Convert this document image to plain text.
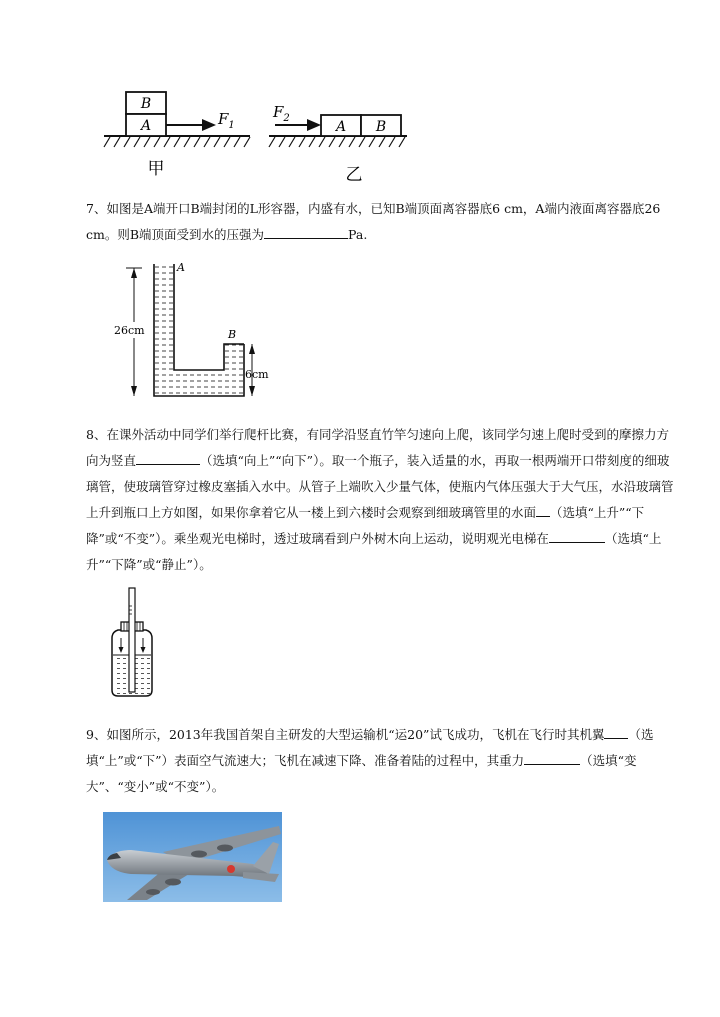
B
A	$F_1$
甲
$F_2$
A B
乙
7、如图是A端开口B端封闭的L形容器，内盛有水，已知B端顶面离容器底6 cm，A端内液面离容器底26 cm。则B端顶面受到水的压强为	Pa.
A
B
26cm
6cm
8、在课外活动中同学们举行爬杆比赛，有同学沿竖直竹竿匀速向上爬，该同学匀速上爬时受到的摩擦力方向为竖直	（选填“向上”“向下”）。取一个瓶子，装入适量的水，再取一根两端开口带刻度的细玻璃管，使玻璃管穿过橡皮塞插入水中。从管子上端吹入少量气体，使瓶内气体压强大于大气压，水沿玻璃管上升到瓶口上方如图，如果你拿着它从一楼上到六楼时会观察到细玻璃管里的水面 （选填“上升”“下降”或“不变”）。乘坐观光电梯时，透过玻璃看到户外树木向上运动，说明观光电梯在	（选填“上升”“下降”或“静止”）。
9、如图所示，2013年我国首架自主研发的大型运输机“运20”试飞成功，飞机在飞行时其机翼 （选填“上”或“下”）表面空气流速大；飞机在减速下降、准备着陆的过程中，其重力	（选填“变大”、“变小”或“不变”）。
